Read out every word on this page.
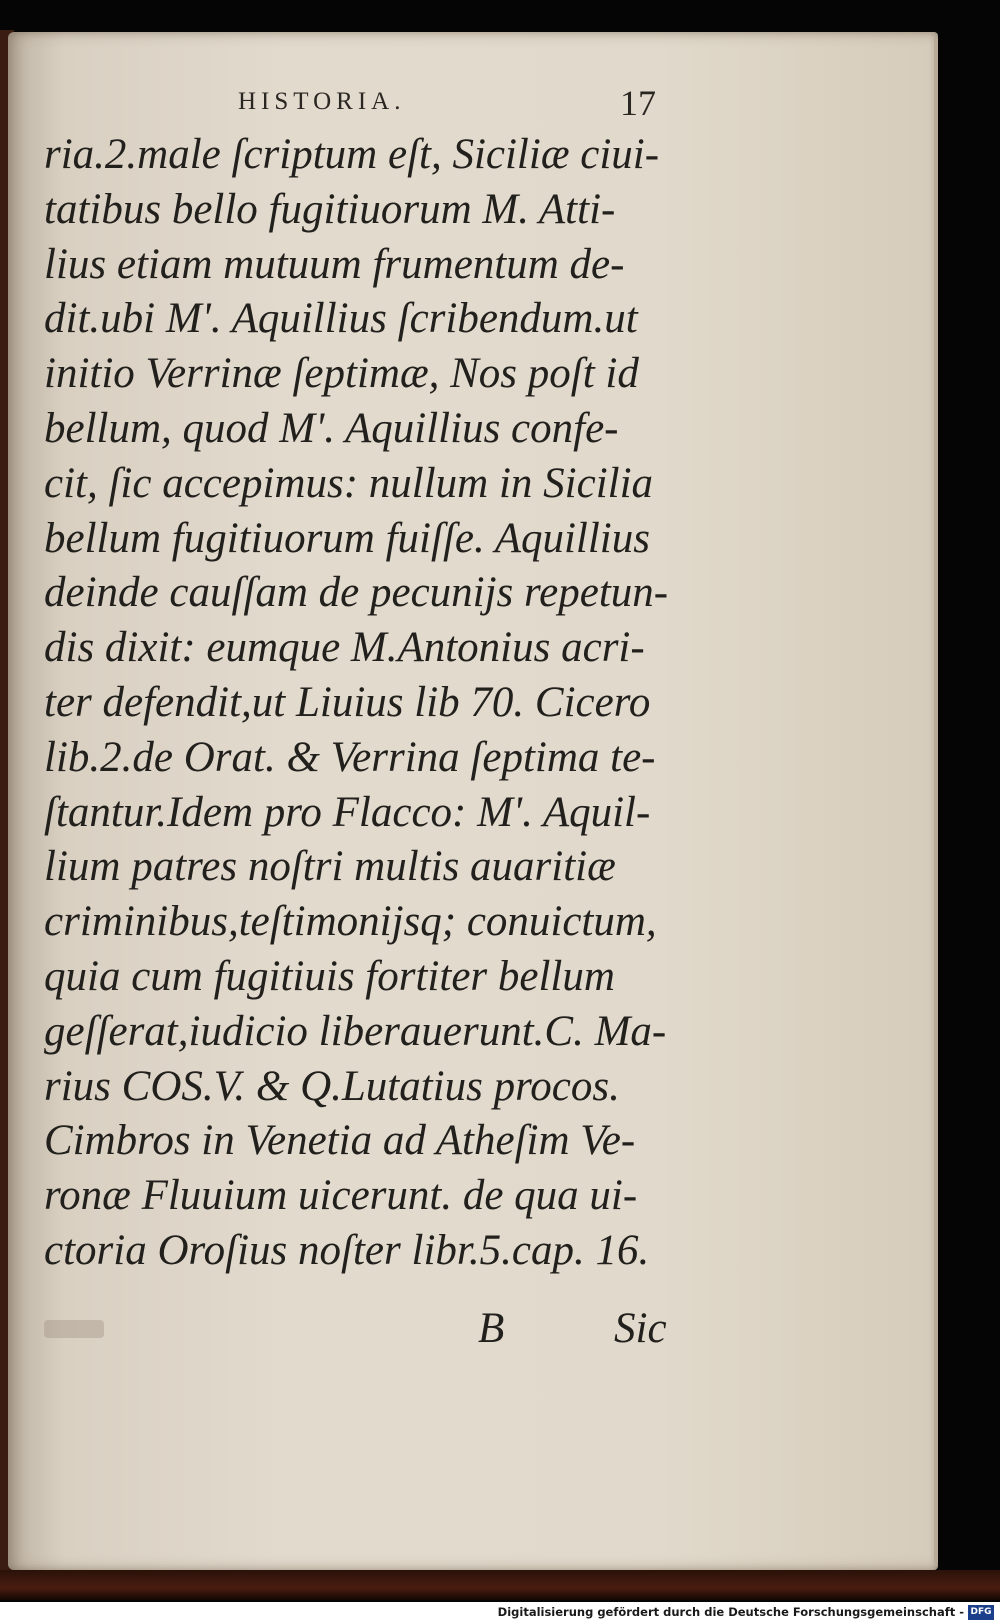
HISTORIA.	17
ria.2.male ſcriptum eſt, Siciliæ ciui-
tatibus bello fugitiuorum M. Atti-
lius etiam mutuum frumentum de-
dit.ubi M'. Aquillius ſcribendum.ut
initio Verrinæ ſeptimæ, Nos poſt id
bellum, quod M'. Aquillius confe-
cit, ſic accepimus: nullum in Sicilia
bellum fugitiuorum fuiſſe. Aquillius
deinde cauſſam de pecunijs repetun-
dis dixit: eumque M.Antonius acri-
ter defendit,ut Liuius lib 70. Cicero
lib.2.de Orat. & Verrina ſeptima te-
ſtantur.Idem pro Flacco: M'. Aquil-
lium patres noſtri multis auaritiæ
criminibus,teſtimonijsq; conuictum,
quia cum fugitiuis fortiter bellum
geſſerat,iudicio liberauerunt.C. Ma-
rius COS.V. & Q.Lutatius procos.
Cimbros in Venetia ad Atheſim Ve-
ronæ Fluuium uicerunt. de qua ui-
ctoria Oroſius noſter libr.5.cap. 16.
B	Sic
Digitalisierung gefördert durch die Deutsche Forschungsgemeinschaft - DFG
